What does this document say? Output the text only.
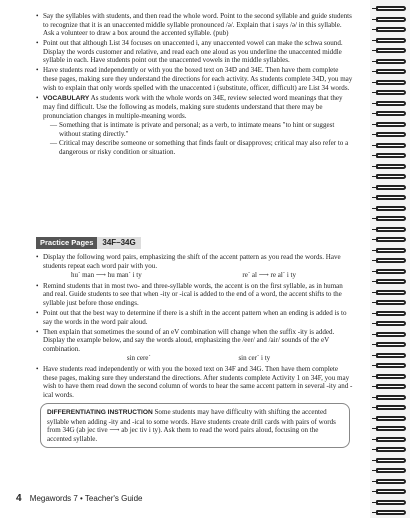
• Say the syllables with students, and then read the whole word. Point to the second syllable and guide students to recognize that it is an unaccented middle syllable pronounced /ə/. Explain that i says /ə/ in this syllable. Ask a volunteer to draw a box around the accented syllable. (pub)
• Point out that although List 34 focuses on unaccented i, any unaccented vowel can make the schwa sound. Display the words customer and relative, and read each one aloud as you underline the unaccented middle syllable in each. Have students point out the unaccented vowels in the middle syllables.
• Have students read independently or with you the boxed text on 34D and 34E. Then have them complete these pages, making sure they understand the directions for each activity. As students complete 34D, you may wish to explain that only words spelled with the unaccented i (substitute, officer, difficult) are List 34 words.
• VOCABULARY As students work with the whole words on 34E, review selected word meanings that they may find difficult. Use the following as models, making sure students understand that there may be pronunciation changes in multiple-meaning words.
— Something that is intimate is private and personal; as a verb, to intimate means "to hint or suggest without stating directly."
— Critical may describe someone or something that finds fault or disapproves; critical may also refer to a dangerous or risky condition or situation.
Practice Pages	34F–34G
• Display the following word pairs, emphasizing the shift of the accent pattern as you read the words. Have students repeat each word pair with you.
hu´ man ⟶ hu man´ i ty	re´ al ⟶ re al´ i ty
• Remind students that in most two- and three-syllable words, the accent is on the first syllable, as in human and real. Guide students to see that when -ity or -ical is added to the end of a word, the accent shifts to the syllable just before those endings.
• Point out that the best way to determine if there is a shift in the accent pattern when an ending is added is to say the words in the word pair aloud.
• Then explain that sometimes the sound of an eV combination will change when the suffix -ity is added. Display the example below, and say the words aloud, emphasizing the /eer/ and /air/ sounds of the eV combination.
sin cere´	sin cer´ i ty
• Have students read independently or with you the boxed text on 34F and 34G. Then have them complete these pages, making sure they understand the directions. After students complete Activity 1 on 34F, you may wish to have them read down the second column of words to hear the same accent pattern in several -ity and -ical words.
DIFFERENTIATING INSTRUCTION Some students may have difficulty with shifting the accented syllable when adding -ity and -ical to some words. Have students create drill cards with pairs of words from 34G (ab jec tive ⟶ ab jec tiv i ty). Ask them to read the word pairs aloud, focusing on the accented syllable.
4 Megawords 7 • Teacher's Guide
